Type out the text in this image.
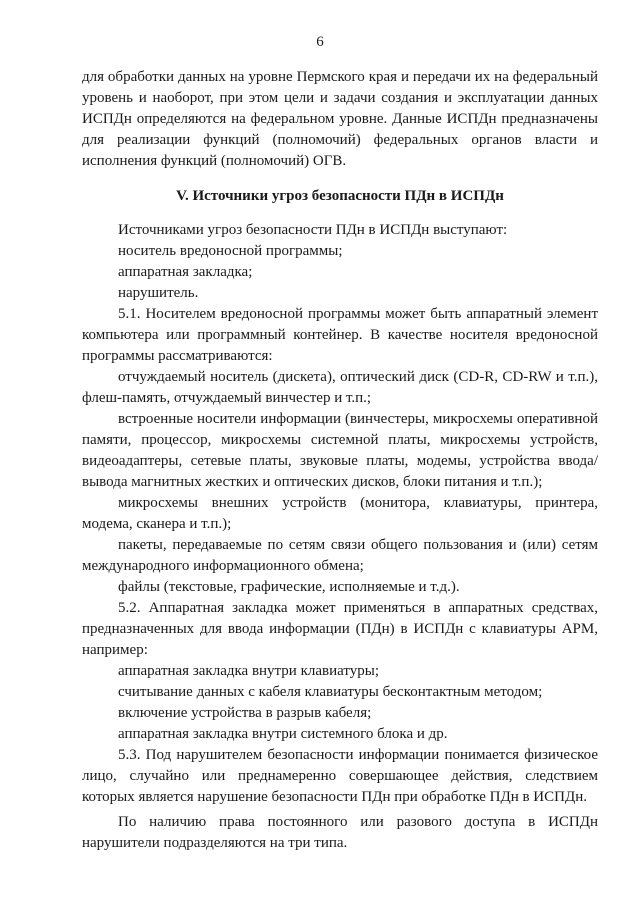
6

для обработки данных на уровне Пермского края и передачи их на федеральный уровень и наоборот, при этом цели и задачи создания и эксплуатации данных ИСПДн определяются на федеральном уровне. Данные ИСПДн предназначены для реализации функций (полномочий) федеральных органов власти и исполнения функций (полномочий) ОГВ.

V. Источники угроз безопасности ПДн в ИСПДн

Источниками угроз безопасности ПДн в ИСПДн выступают:

носитель вредоносной программы;

аппаратная закладка;

нарушитель.

5.1. Носителем вредоносной программы может быть аппаратный элемент компьютера или программный контейнер. В качестве носителя вредоносной программы рассматриваются:

отчуждаемый носитель (дискета), оптический диск (CD-R, CD-RW и т.п.), флеш-память, отчуждаемый винчестер и т.п.;

встроенные носители информации (винчестеры, микросхемы оперативной памяти, процессор, микросхемы системной платы, микросхемы устройств, видеоадаптеры, сетевые платы, звуковые платы, модемы, устройства ввода/вывода магнитных жестких и оптических дисков, блоки питания и т.п.);

микросхемы внешних устройств (монитора, клавиатуры, принтера, модема, сканера и т.п.);

пакеты, передаваемые по сетям связи общего пользования и (или) сетям международного информационного обмена;

файлы (текстовые, графические, исполняемые и т.д.).

5.2. Аппаратная закладка может применяться в аппаратных средствах, предназначенных для ввода информации (ПДн) в ИСПДн с клавиатуры АРМ, например:

аппаратная закладка внутри клавиатуры;

считывание данных с кабеля клавиатуры бесконтактным методом;

включение устройства в разрыв кабеля;

аппаратная закладка внутри системного блока и др.

5.3. Под нарушителем безопасности информации понимается физическое лицо, случайно или преднамеренно совершающее действия, следствием которых является нарушение безопасности ПДн при обработке ПДн в ИСПДн.

По наличию права постоянного или разового доступа в ИСПДн нарушители подразделяются на три типа.
